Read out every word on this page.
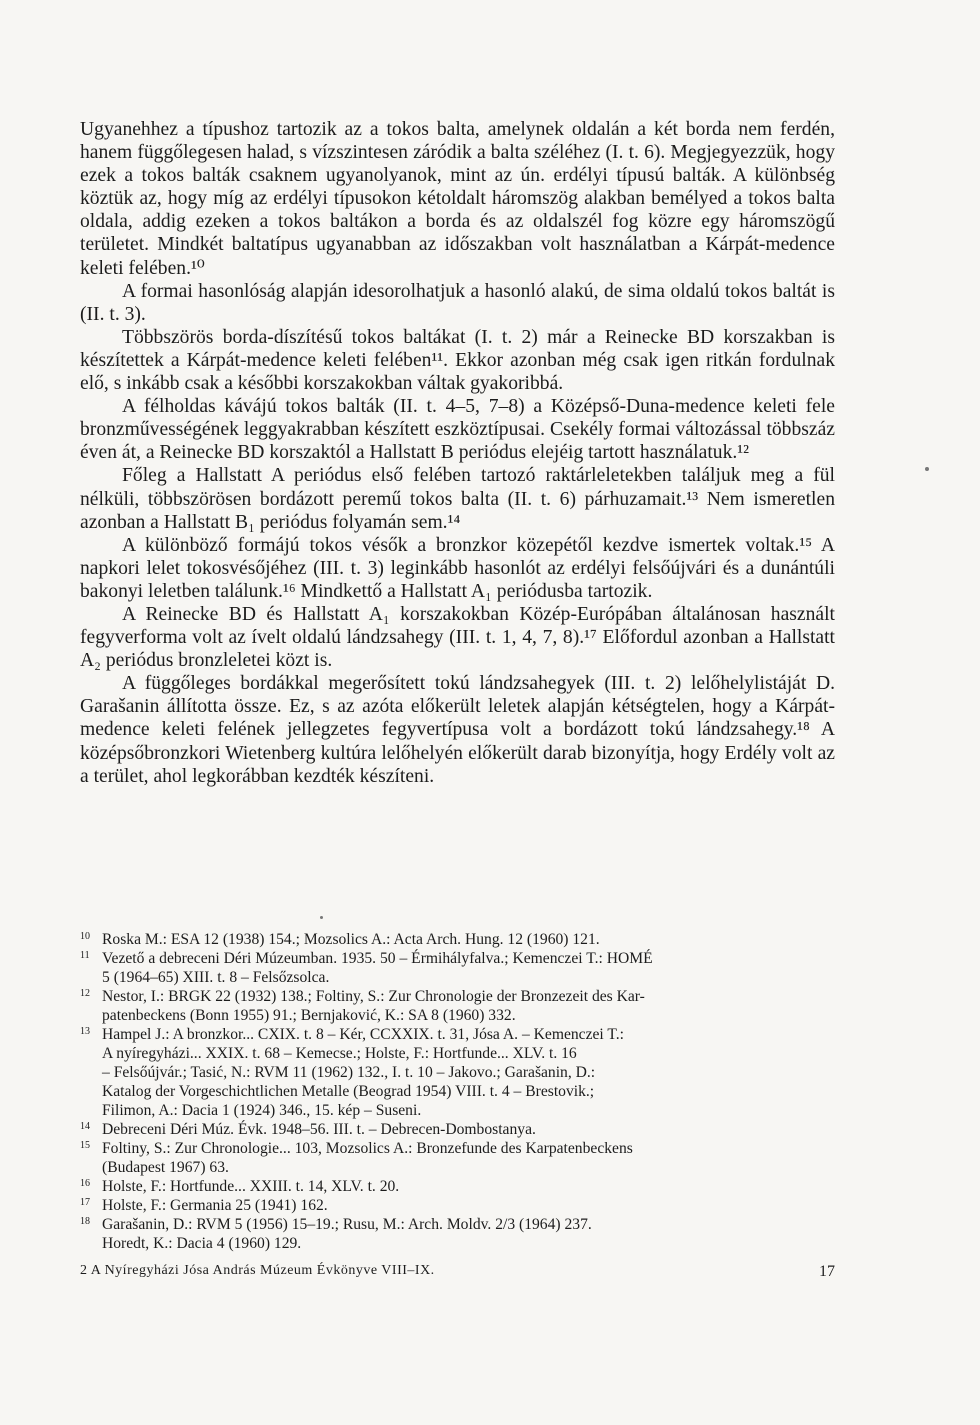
Ugyanehhez a típushoz tartozik az a tokos balta, amelynek oldalán a két borda nem ferdén, hanem függőlegesen halad, s vízszintesen záródik a balta széléhez (I. t. 6). Megjegyezzük, hogy ezek a tokos balták csaknem ugyanolyanok, mint az ún. erdélyi típusú balták. A különbség köztük az, hogy míg az erdélyi típusokon kétoldalt háromszög alakban bemélyed a tokos balta oldala, addig ezeken a tokos baltákon a borda és az oldalszél fog közre egy háromszögű területet. Mindkét baltatípus ugyanabban az időszakban volt használatban a Kárpát-medence keleti felében.¹⁰

A formai hasonlóság alapján idesorolhatjuk a hasonló alakú, de sima oldalú tokos baltát is (II. t. 3).

Többszörös borda-díszítésű tokos baltákat (I. t. 2) már a Reinecke BD korszakban is készítettek a Kárpát-medence keleti felében¹¹. Ekkor azonban még csak igen ritkán fordulnak elő, s inkább csak a későbbi korszakokban váltak gyakoribbá.

A félholdas kávájú tokos balták (II. t. 4–5, 7–8) a Középső-Duna-medence keleti fele bronzművességének leggyakrabban készített eszköztípusai. Csekély formai változással többszáz éven át, a Reinecke BD korszaktól a Hallstatt B periódus elejéig tartott használatuk.¹²

Főleg a Hallstatt A periódus első felében tartozó raktárleletekben találjuk meg a fül nélküli, többszörösen bordázott peremű tokos balta (II. t. 6) párhuzamait.¹³ Nem ismeretlen azonban a Hallstatt B₁ periódus folyamán sem.¹⁴

A különböző formájú tokos vésők a bronzkor közepétől kezdve ismertek voltak.¹⁵ A napkori lelet tokosvésőjéhez (III. t. 3) leginkább hasonlót az erdélyi felsőújvári és a dunántúli bakonyi leletben találunk.¹⁶ Mindkettő a Hallstatt A₁ periódusba tartozik.

A Reinecke BD és Hallstatt A₁ korszakokban Közép-Európában általánosan használt fegyverforma volt az ívelt oldalú lándzsahegy (III. t. 1, 4, 7, 8).¹⁷ Előfordul azonban a Hallstatt A₂ periódus bronzleletei közt is.

A függőleges bordákkal megerősített tokú lándzsahegyek (III. t. 2) lelőhelylistáját D. Garašanin állította össze. Ez, s az azóta előkerült leletek alapján kétségtelen, hogy a Kárpát-medence keleti felének jellegzetes fegyvertípusa volt a bordázott tokú lándzsahegy.¹⁸ A középsőbronzkori Wietenberg kultúra lelőhelyén előkerült darab bizonyítja, hogy Erdély volt az a terület, ahol legkorábban kezdték készíteni.

10 Roska M.: ESA 12 (1938) 154.; Mozsolics A.: Acta Arch. Hung. 12 (1960) 121.
11 Vezető a debreceni Déri Múzeumban. 1935. 50 – Érmihályfalva.; Kemenczei T.: HOMÉ
5 (1964–65) XIII. t. 8 – Felsőzsolca.
12 Nestor, I.: BRGK 22 (1932) 138.; Foltiny, S.: Zur Chronologie der Bronzezeit des Kar-
patenbeckens (Bonn 1955) 91.; Bernjaković, K.: SA 8 (1960) 332.
13 Hampel J.: A bronzkor... CXIX. t. 8 – Kér, CCXXIX. t. 31, Jósa A. – Kemenczei T.:
A nyíregyházi... XXIX. t. 68 – Kemecse.; Holste, F.: Hortfunde... XLV. t. 16
– Felsőújvár.; Tasić, N.: RVM 11 (1962) 132., I. t. 10 – Jakovo.; Garašanin, D.:
Katalog der Vorgeschichtlichen Metalle (Beograd 1954) VIII. t. 4 – Brestovik.;
Filimon, A.: Dacia 1 (1924) 346., 15. kép – Suseni.
14 Debreceni Déri Múz. Évk. 1948–56. III. t. – Debrecen-Dombostanya.
15 Foltiny, S.: Zur Chronologie... 103, Mozsolics A.: Bronzefunde des Karpatenbeckens
(Budapest 1967) 63.
16 Holste, F.: Hortfunde... XXIII. t. 14, XLV. t. 20.
17 Holste, F.: Germania 25 (1941) 162.
18 Garašanin, D.: RVM 5 (1956) 15–19.; Rusu, M.: Arch. Moldv. 2/3 (1964) 237.
Horedt, K.: Dacia 4 (1960) 129.
2 A Nyíregyházi Jósa András Múzeum Évkönyve VIII–IX.	17
